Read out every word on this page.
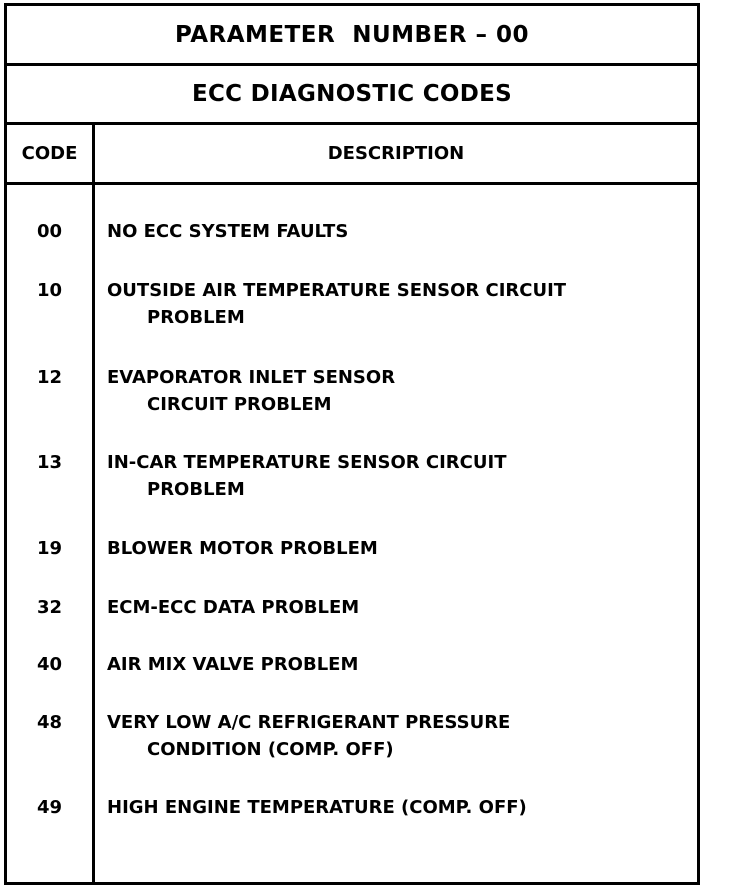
PARAMETER  NUMBER – 00
ECC DIAGNOSTIC CODES
CODE	DESCRIPTION
00	NO ECC SYSTEM FAULTS
10	OUTSIDE AIR TEMPERATURE SENSOR CIRCUIT
PROBLEM
12	EVAPORATOR INLET SENSOR
CIRCUIT PROBLEM
13	IN-CAR TEMPERATURE SENSOR CIRCUIT
PROBLEM
19	BLOWER MOTOR PROBLEM
32	ECM-ECC DATA PROBLEM
40	AIR MIX VALVE PROBLEM
48	VERY LOW A/C REFRIGERANT PRESSURE
CONDITION (COMP. OFF)
49	HIGH ENGINE TEMPERATURE (COMP. OFF)
